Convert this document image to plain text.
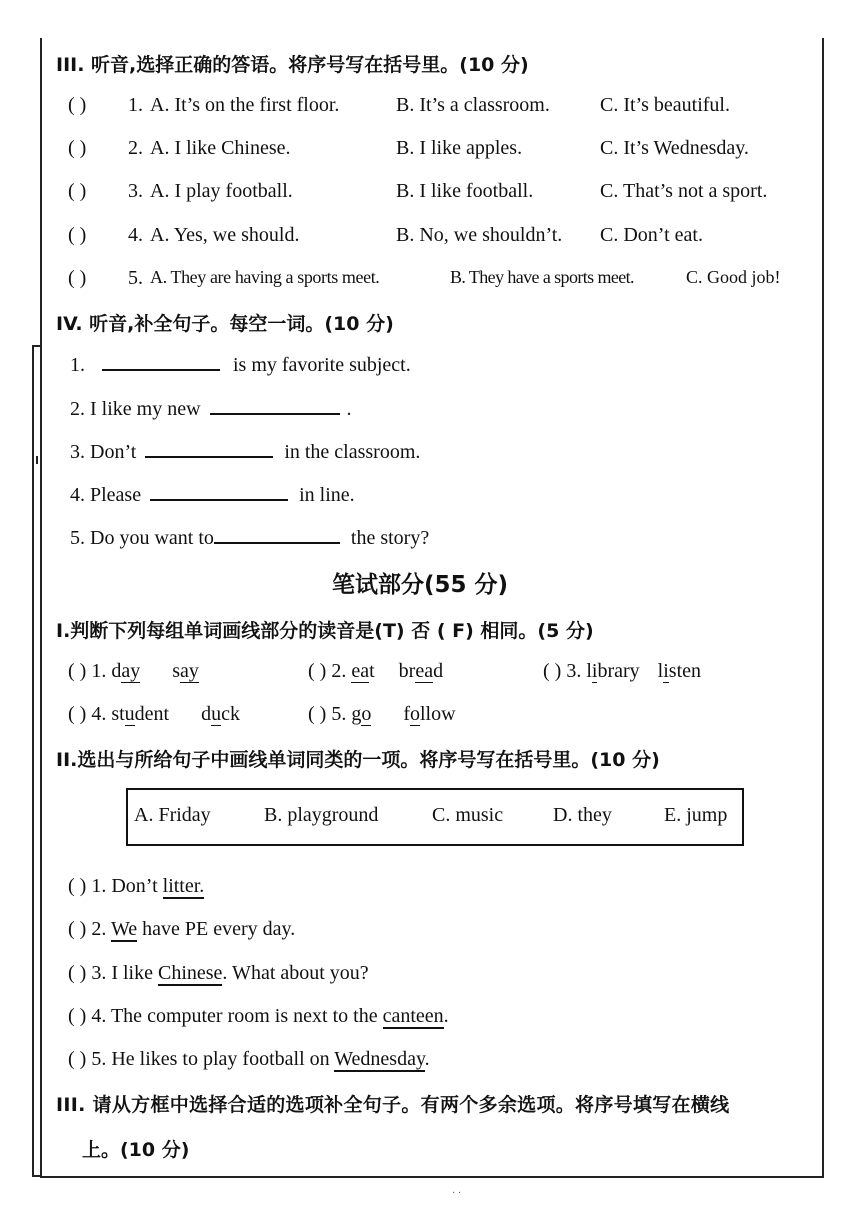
III. 听音,选择正确的答语。将序号写在括号里。(10 分)
( ) 1. A. It’s on the first floor.	B. It’s a classroom.	C. It’s beautiful.
( ) 2. A. I like Chinese.	B. I like apples.	C. It’s Wednesday.
( ) 3. A. I play football.	B. I like football.	C. That’s not a sport.
( ) 4. A. Yes, we should.	B. No, we shouldn’t. C. Don’t eat.
( ) 5. A. They are having a sports meet.	B. They have a sports meet.	C. Good job!
IV. 听音,补全句子。每空一词。(10 分)
1.	is my favorite subject.
2. I like my new	.
3. Don’t	in the classroom.
4. Please	in line.
5. Do you want to	the story?
笔试部分(55 分)
I.判断下列每组单词画线部分的读音是(T) 否 ( F) 相同。(5 分)
( ) 1. day say	( ) 2. eat bread	( ) 3. library listen
( ) 4. student duck	( ) 5. go follow
II.选出与所给句子中画线单词同类的一项。将序号写在括号里。(10 分)
A. Friday	B. playground	C. music D. they	E. jump
( ) 1. Don’t litter.
( ) 2. We have PE every day.
( ) 3. I like Chinese. What about you?
( ) 4. The computer room is next to the canteen.
( ) 5. He likes to play football on Wednesday.
III. 请从方框中选择合适的选项补全句子。有两个多余选项。将序号填写在横线
上。(10 分)
· ·
